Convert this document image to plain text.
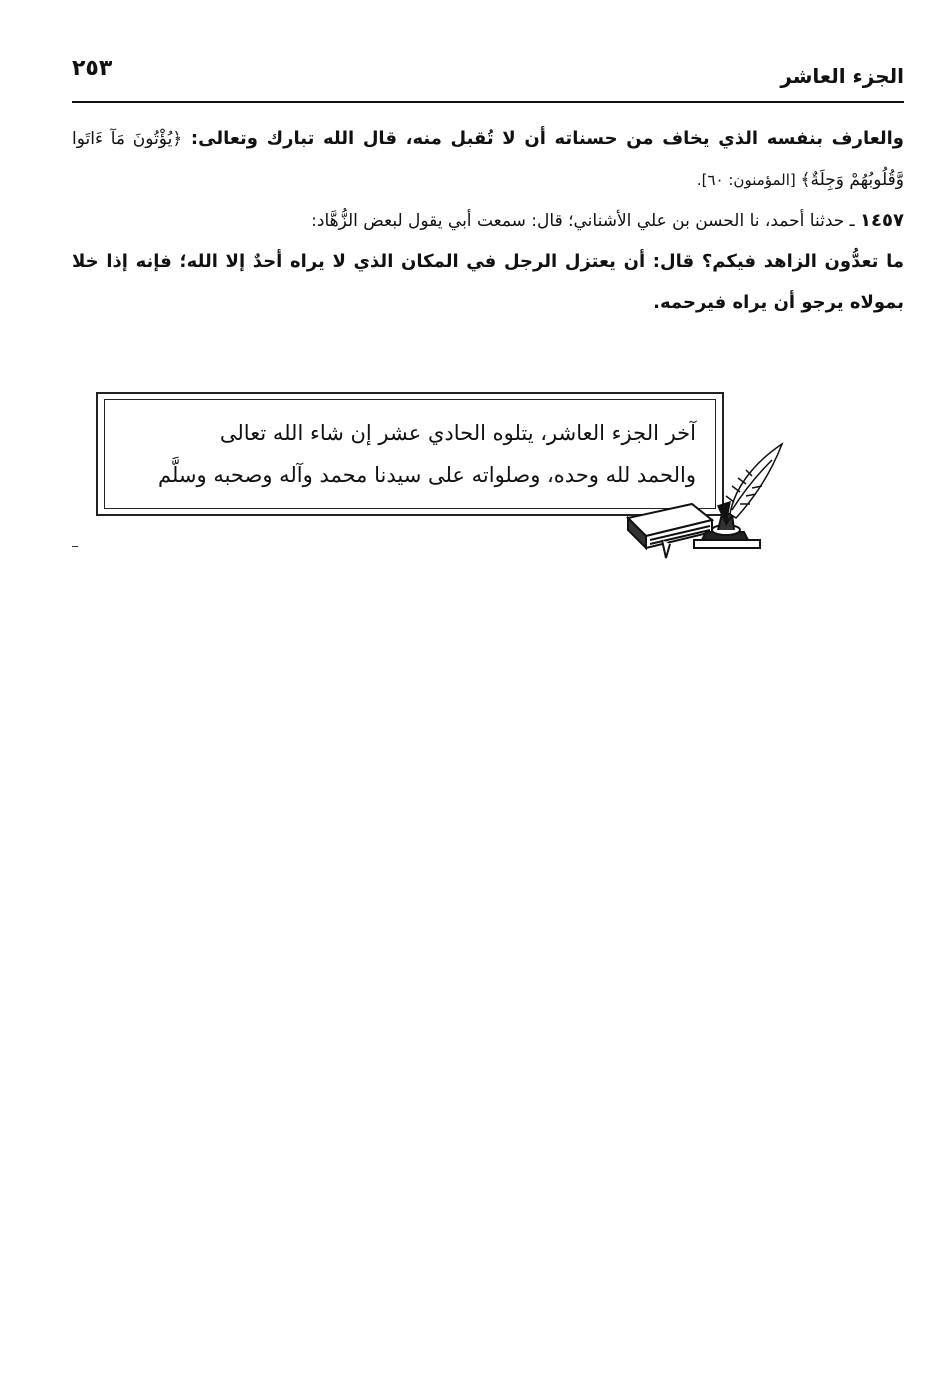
٢٥٣	الجزء العاشر

والعارف بنفسه الذي يخاف من حسناته أن لا تُقبل منه، قال الله تبارك وتعالى: ﴿يُؤْتُونَ مَآ ءَاتَوا وَّقُلُوبُهُمْ وَجِلَةٌ﴾ [المؤمنون: ٦٠].

١٤٥٧ ـ حدثنا أحمد، نا الحسن بن علي الأشناني؛ قال: سمعت أبي يقول لبعض الزُّهَّاد:

ما تعدُّون الزاهد فيكم؟ قال: أن يعتزل الرجل في المكان الذي لا يراه أحدٌ إلا الله؛ فإنه إذا خلا بمولاه يرجو أن يراه فيرحمه.

آخر الجزء العاشر، يتلوه الحادي عشر إن شاء الله تعالى
والحمد لله وحده، وصلواته على سيدنا محمد وآله وصحبه وسلَّم
